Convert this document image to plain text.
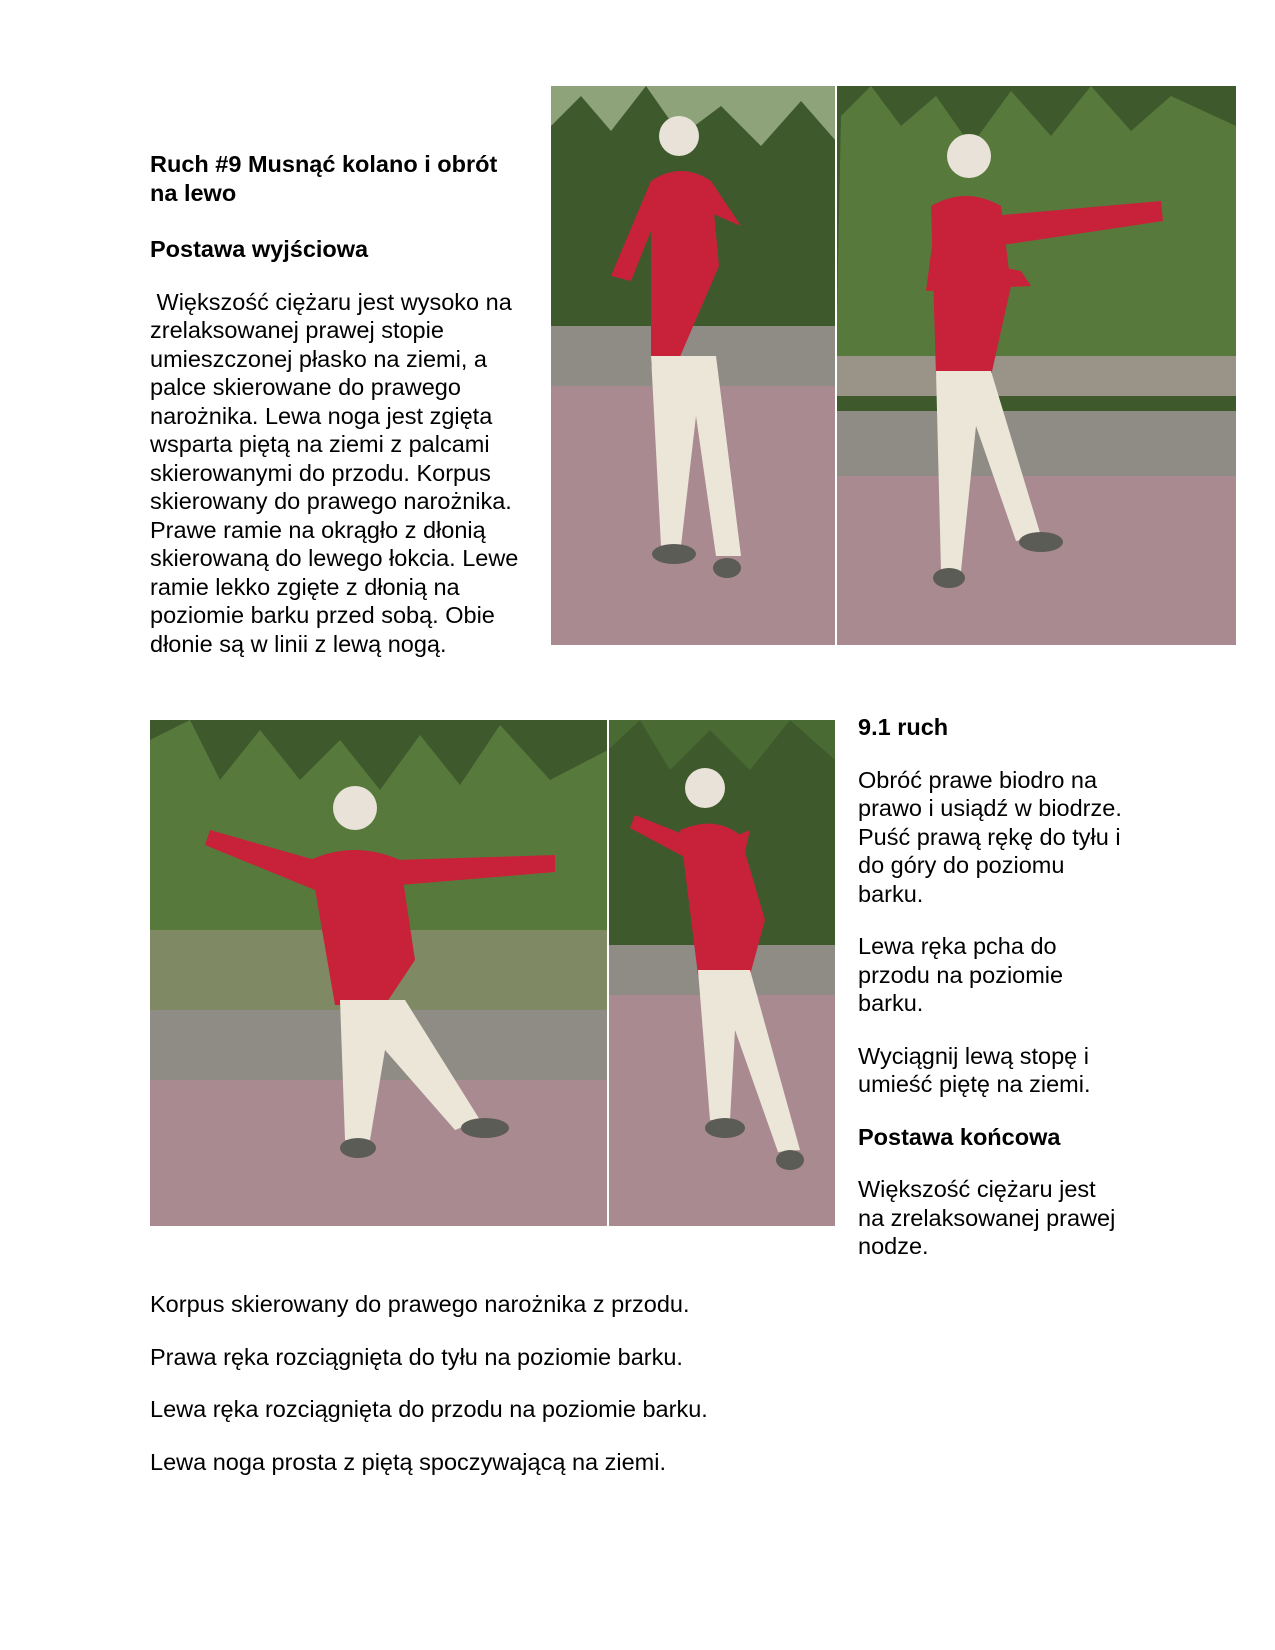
Ruch #9 Musnąć kolano i obrót na lewo

Postawa wyjściowa

Większość ciężaru jest wysoko na zrelaksowanej prawej stopie umieszczonej płasko na ziemi, a palce skierowane do prawego narożnika. Lewa noga jest zgięta wsparta piętą na ziemi z palcami skierowanymi do przodu. Korpus skierowany do prawego narożnika. Prawe ramie na okrągło z dłonią skierowaną do lewego łokcia. Lewe ramie lekko zgięte z dłonią na poziomie barku przed sobą. Obie dłonie są w linii z lewą nogą.

9.1 ruch

Obróć prawe biodro na prawo i usiądź w biodrze. Puść prawą rękę do tyłu i do góry do poziomu barku.

Lewa ręka pcha do przodu na poziomie barku.

Wyciągnij lewą stopę i umieść piętę na ziemi.

Postawa końcowa

Większość ciężaru jest na zrelaksowanej prawej nodze.

Korpus skierowany do prawego narożnika z przodu.

Prawa ręka rozciągnięta do tyłu na poziomie barku.

Lewa ręka rozciągnięta do przodu na poziomie barku.

Lewa noga prosta z piętą spoczywającą na ziemi.
